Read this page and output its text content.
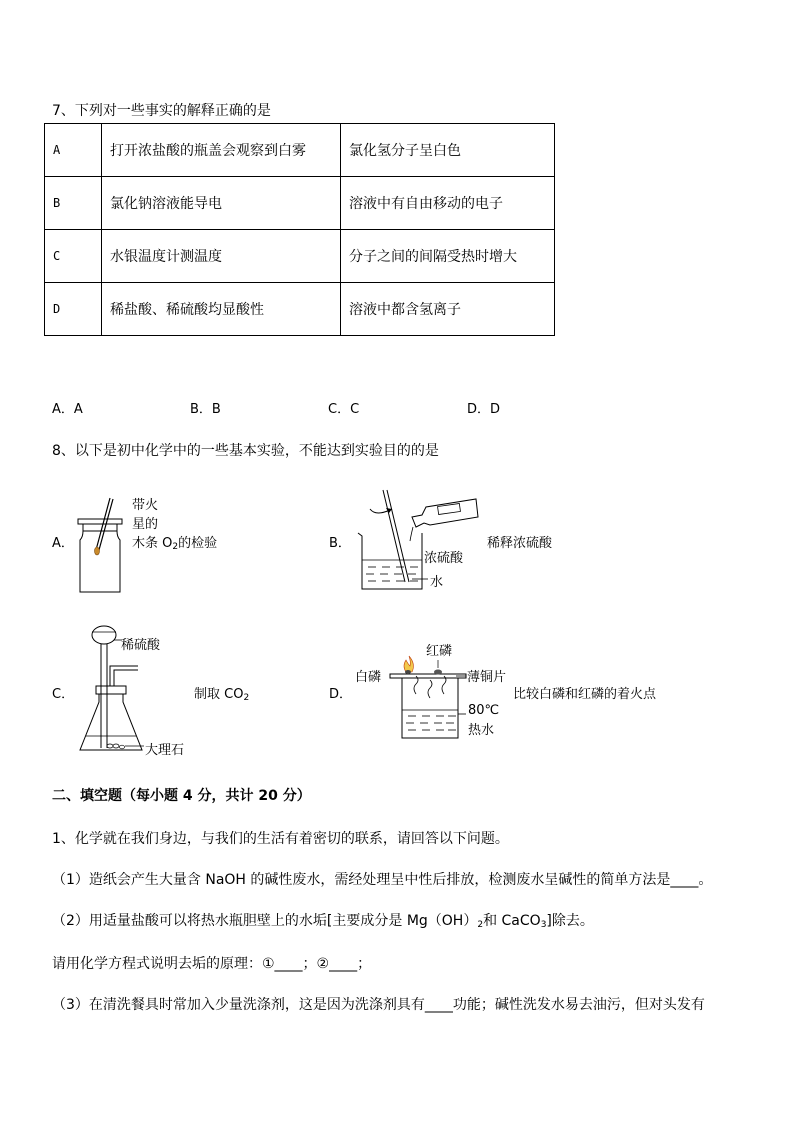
7、下列对一些事实的解释正确的是
A	打开浓盐酸的瓶盖会观察到白雾	氯化氢分子呈白色
B	氯化钠溶液能导电	溶液中有自由移动的电子
C	水银温度计测温度	分子之间的间隔受热时增大
D	稀盐酸、稀硫酸均显酸性	溶液中都含氢离子
A．A	B．B	C．C	D．D
8、以下是初中化学中的一些基本实验，不能达到实验目的的是
A．
带火
星的
木条 $O_2$的检验	B．
浓硫酸
水
稀释浓硫酸
C．
稀硫酸
大理石
制取 $CO_2$	D．
红磷
白磷	薄铜片
80℃
热水
比较白磷和红磷的着火点
二、填空题（每小题 4 分，共计 20 分）
1、化学就在我们身边，与我们的生活有着密切的联系，请回答以下问题。
（1）造纸会产生大量含 NaOH 的碱性废水，需经处理呈中性后排放，检测废水呈碱性的简单方法是____。
（2）用适量盐酸可以将热水瓶胆壁上的水垢[主要成分是 $Mg(OH)_2$和 CaCO$_3$]除去。
请用化学方程式说明去垢的原理：①____；②____；
（3）在清洗餐具时常加入少量洗涤剂，这是因为洗涤剂具有____功能；碱性洗发水易去油污，但对头发有
